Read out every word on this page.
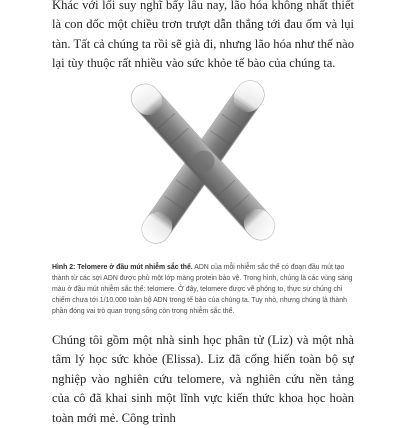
Khác với lối suy nghĩ bấy lâu nay, lão hóa không nhất thiết là con dốc một chiều trơn trượt dẫn thẳng tới đau ốm và lụi tàn. Tất cả chúng ta rồi sẽ già đi, nhưng lão hóa như thế nào lại tùy thuộc rất nhiều vào sức khỏe tế bào của chúng ta.

Hình 2: Telomere ở đầu mút nhiễm sắc thể. ADN của mỗi nhiễm sắc thể có đoạn đầu mút tạo thành từ các sợi ADN được phủ một lớp màng protein bảo vệ. Trong hình, chúng là các vùng sáng màu ở đầu mút nhiễm sắc thể: telomere. Ở đây, telomere được vẽ phóng to, thực sự chúng chỉ chiếm chưa tới 1/10.000 toàn bộ ADN trong tế bào của chúng ta. Tuy nhỏ, nhưng chúng là thành phần đóng vai trò quan trọng sống còn trong nhiễm sắc thể.

Chúng tôi gồm một nhà sinh học phân tử (Liz) và một nhà tâm lý học sức khỏe (Elissa). Liz đã cống hiến toàn bộ sự nghiệp vào nghiên cứu telomere, và nghiên cứu nền tảng của cô đã khai sinh một lĩnh vực kiến thức khoa học hoàn toàn mới mẻ. Công trình
